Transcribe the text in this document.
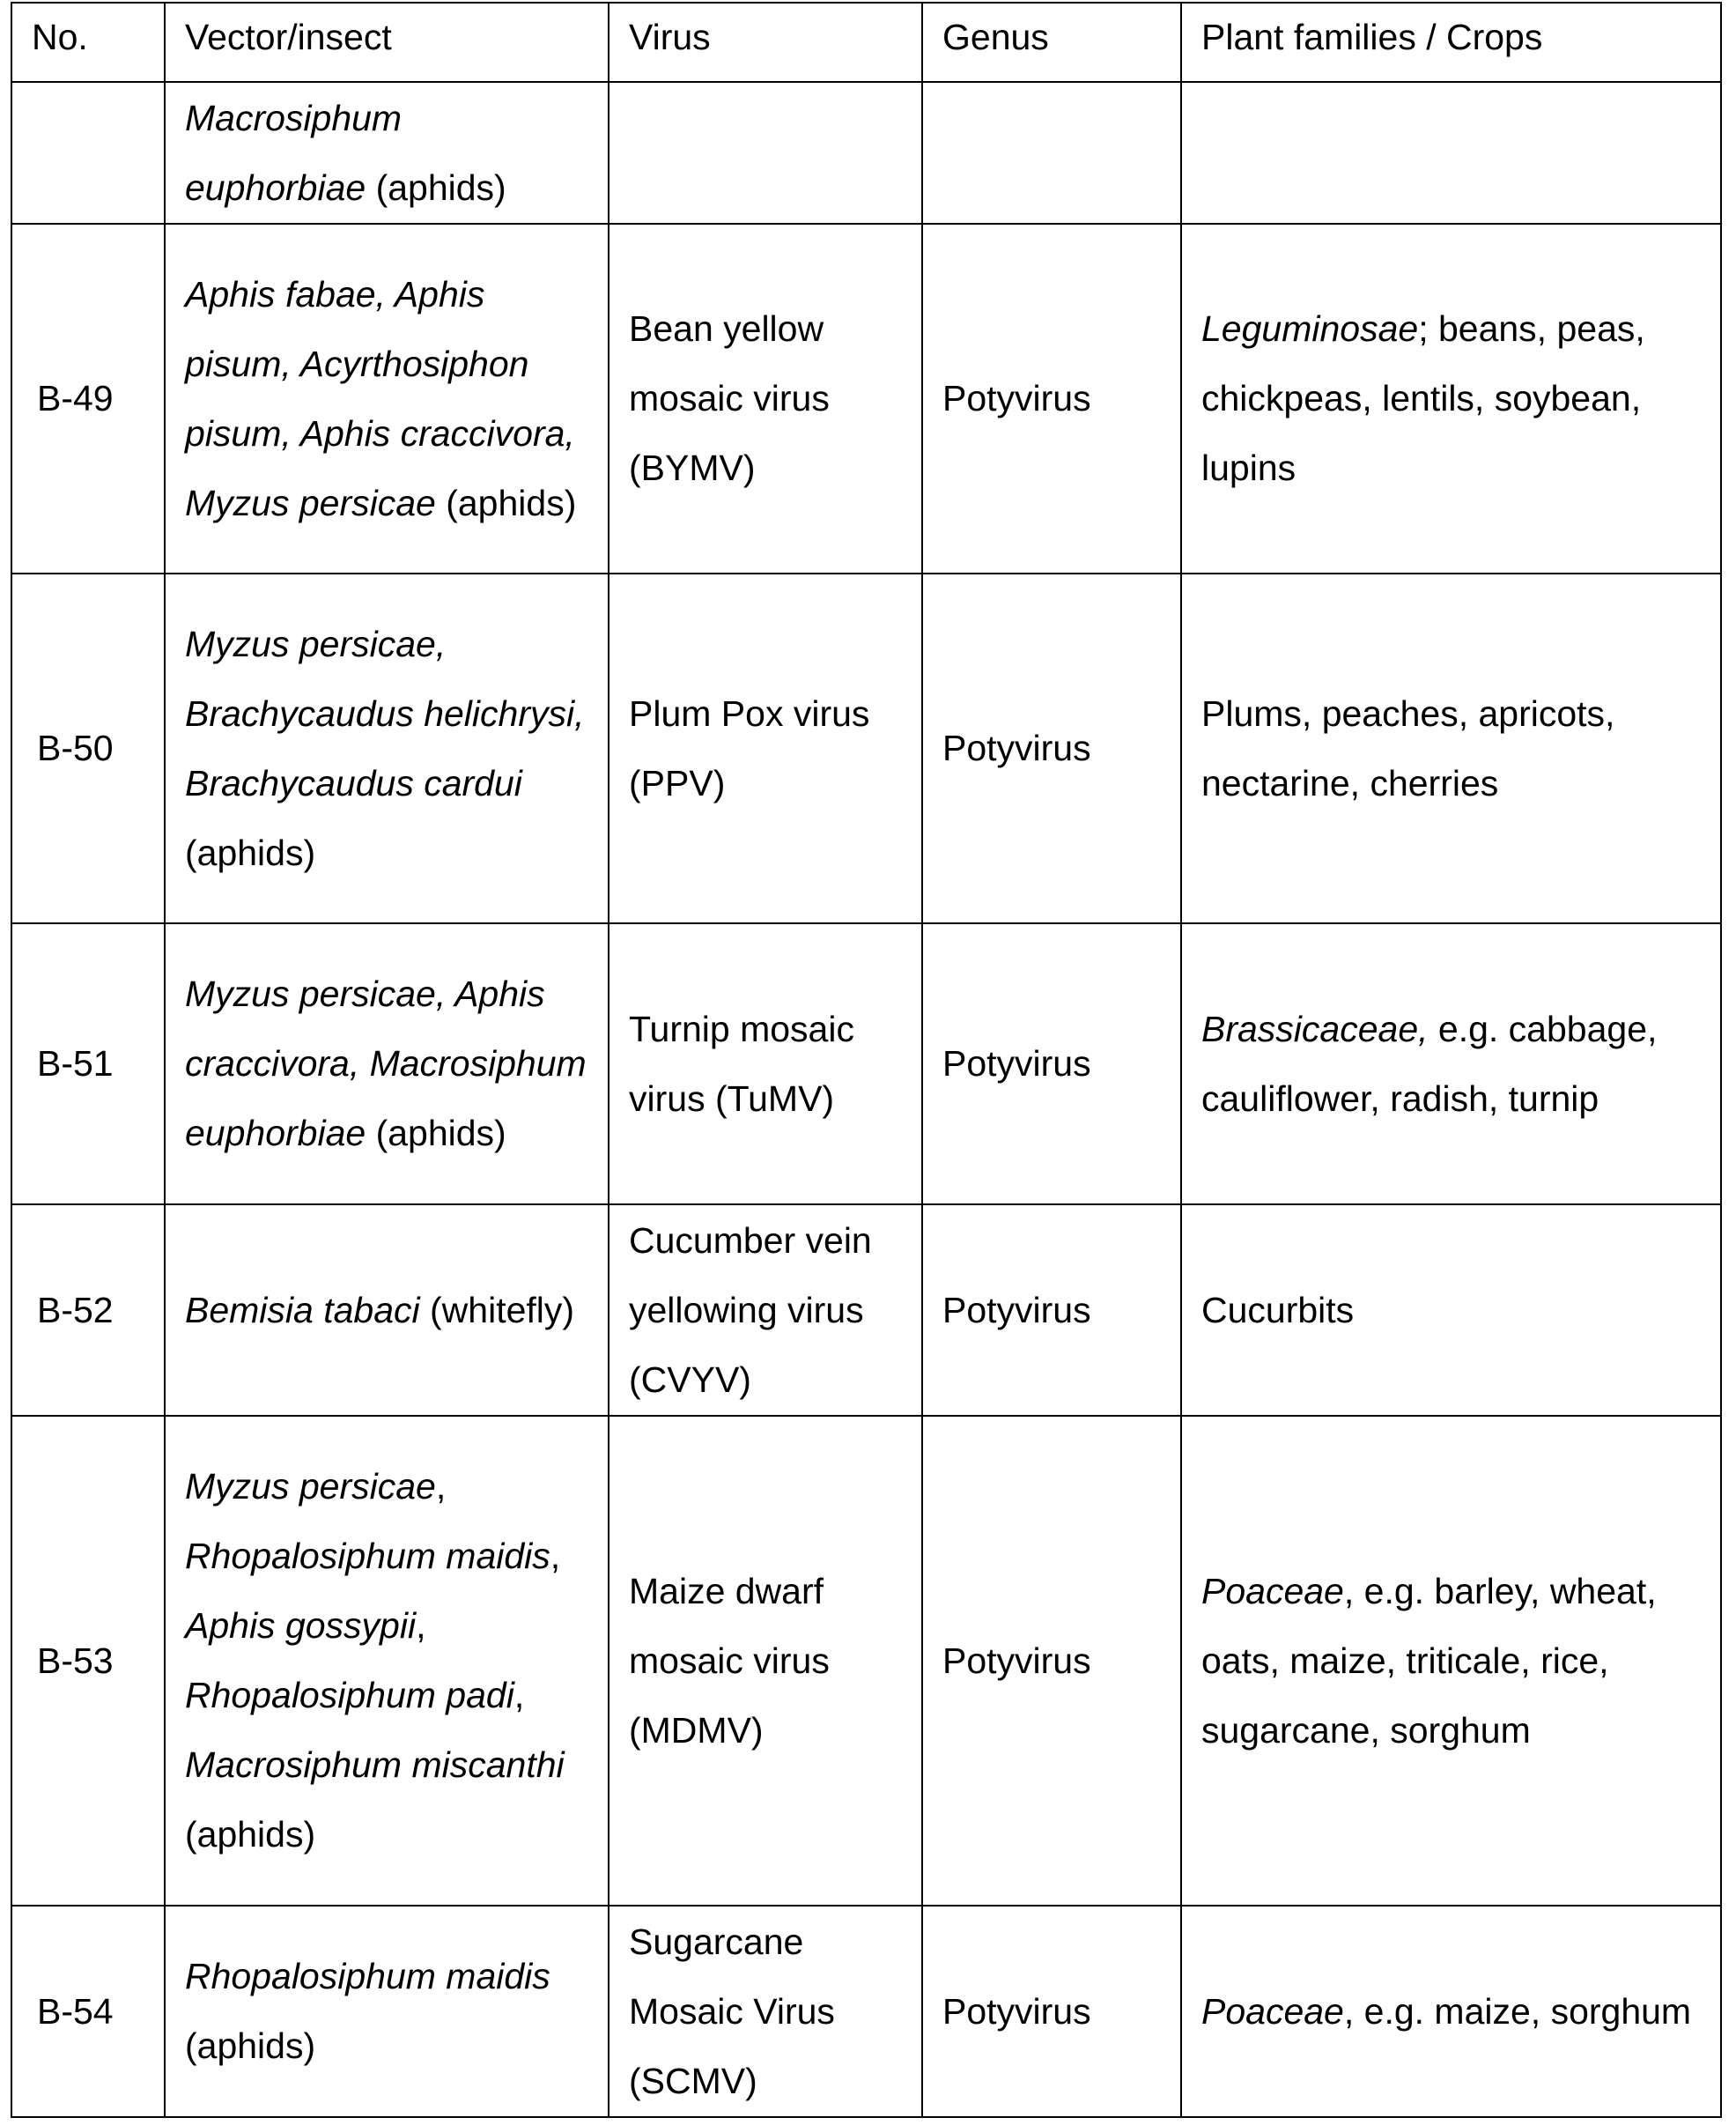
No.	Vector/insect	Virus	Genus	Plant families / Crops
	Macrosiphum euphorbiae (aphids)			
B-49	Aphis fabae, Aphis pisum, Acyrthosiphon pisum, Aphis craccivora, Myzus persicae (aphids)	Bean yellow mosaic virus (BYMV)	Potyvirus	Leguminosae; beans, peas, chickpeas, lentils, soybean, lupins
B-50	Myzus persicae, Brachycaudus helichrysi, Brachycaudus cardui (aphids)	Plum Pox virus (PPV)	Potyvirus	Plums, peaches, apricots, nectarine, cherries
B-51	Myzus persicae, Aphis craccivora, Macrosiphum euphorbiae (aphids)	Turnip mosaic virus (TuMV)	Potyvirus	Brassicaceae, e.g. cabbage, cauliflower, radish, turnip
B-52	Bemisia tabaci (whitefly)	Cucumber vein yellowing virus (CVYV)	Potyvirus	Cucurbits
B-53	Myzus persicae, Rhopalosiphum maidis, Aphis gossypii, Rhopalosiphum padi, Macrosiphum miscanthi (aphids)	Maize dwarf mosaic virus (MDMV)	Potyvirus	Poaceae, e.g. barley, wheat, oats, maize, triticale, rice, sugarcane, sorghum
B-54	Rhopalosiphum maidis (aphids)	Sugarcane Mosaic Virus (SCMV)	Potyvirus	Poaceae, e.g. maize, sorghum
